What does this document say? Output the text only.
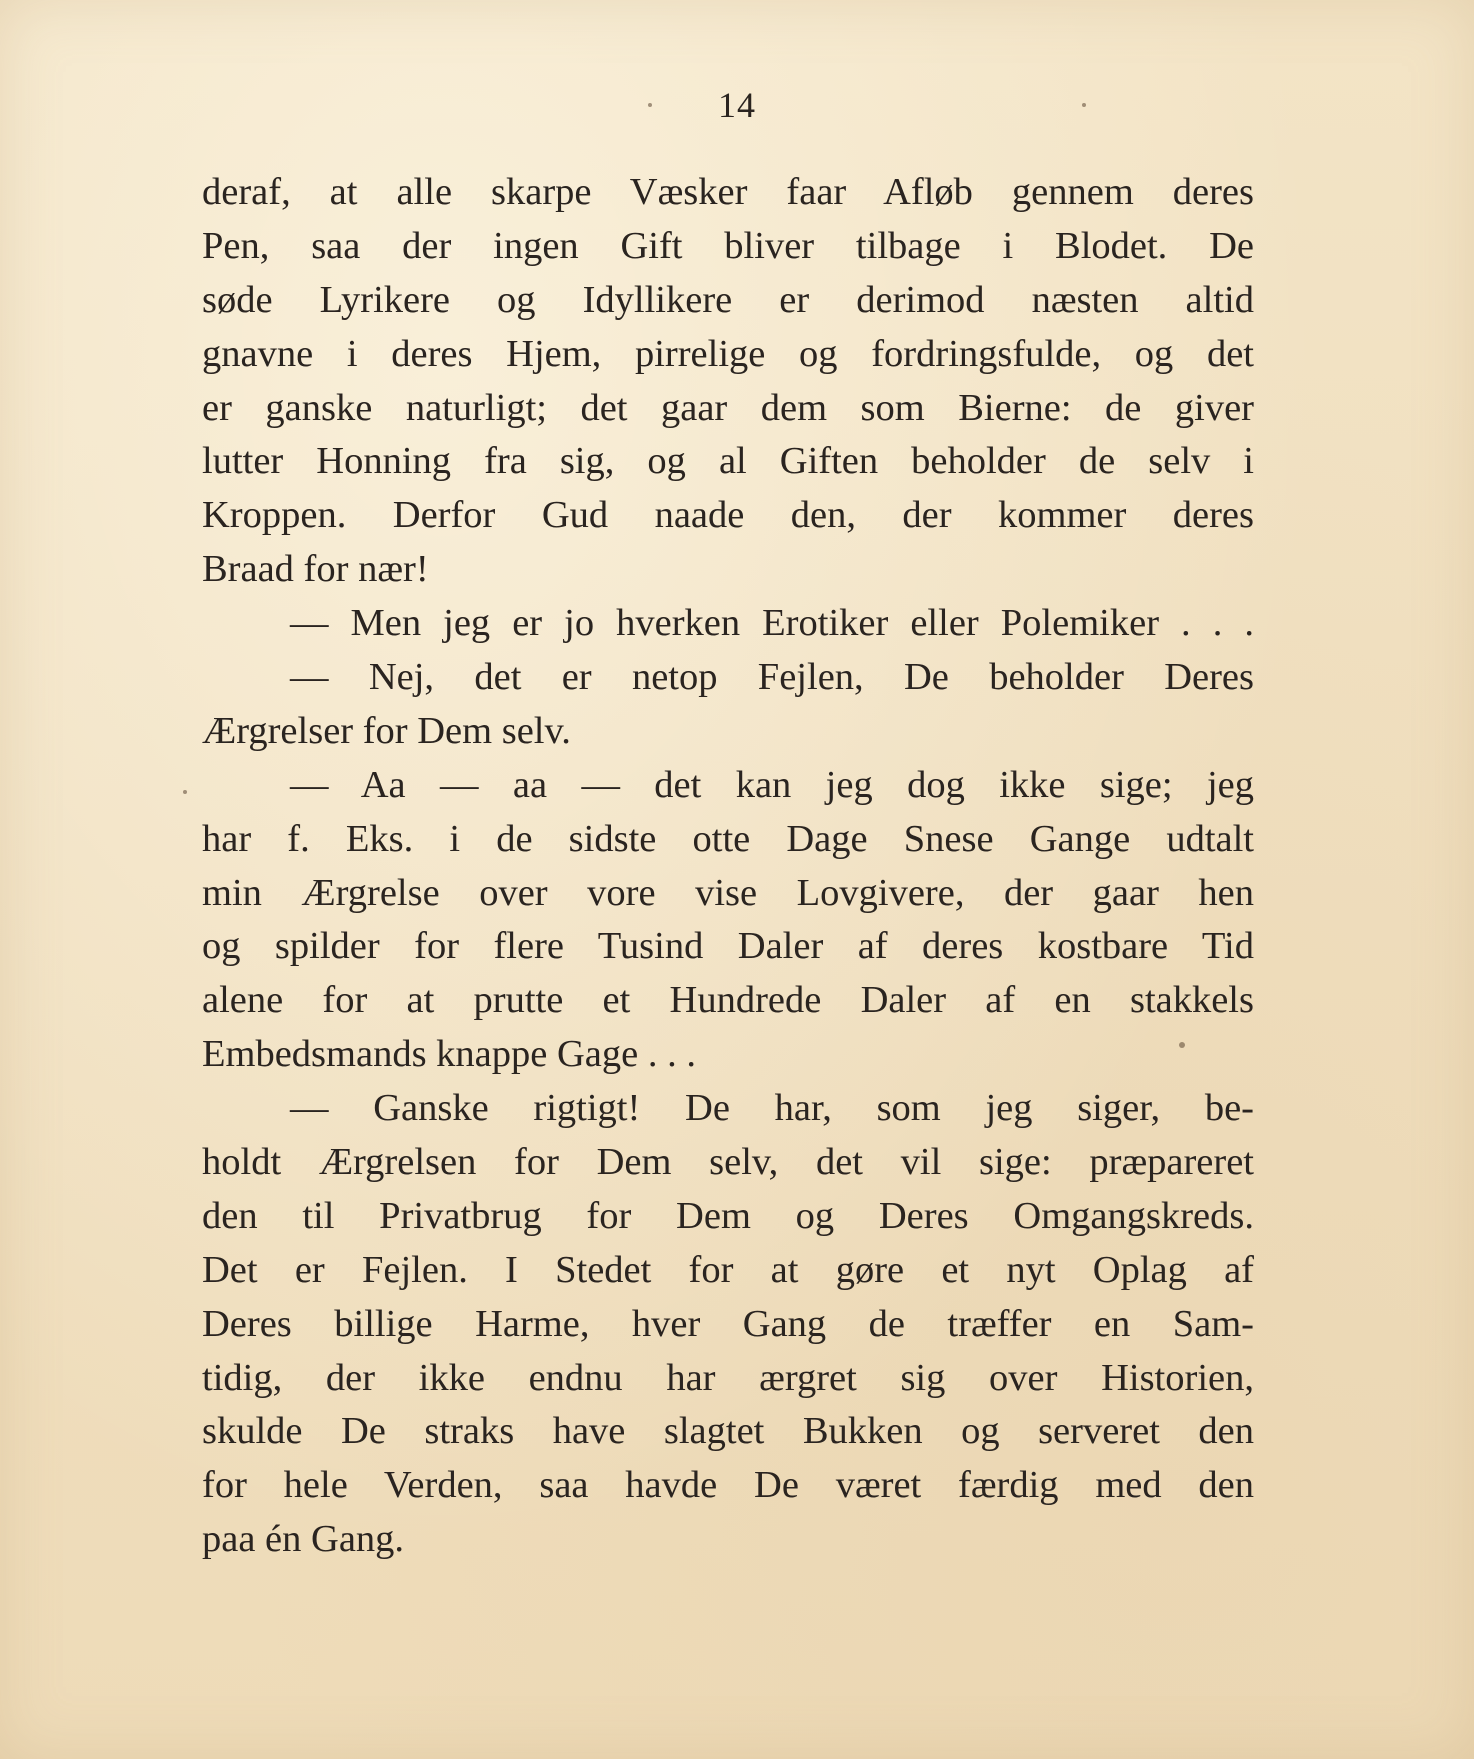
14
deraf, at alle skarpe Væsker faar Afløb gennem deres
Pen, saa der ingen Gift bliver tilbage i Blodet. De
søde Lyrikere og Idyllikere er derimod næsten altid
gnavne i deres Hjem, pirrelige og fordringsfulde, og det
er ganske naturligt; det gaar dem som Bierne: de giver
lutter Honning fra sig, og al Giften beholder de selv i
Kroppen. Derfor Gud naade den, der kommer deres
Braad for nær!
— Men jeg er jo hverken Erotiker eller Polemiker . . .
— Nej, det er netop Fejlen, De beholder Deres
Ærgrelser for Dem selv.
— Aa — aa — det kan jeg dog ikke sige; jeg
har f. Eks. i de sidste otte Dage Snese Gange udtalt
min Ærgrelse over vore vise Lovgivere, der gaar hen
og spilder for flere Tusind Daler af deres kostbare Tid
alene for at prutte et Hundrede Daler af en stakkels
Embedsmands knappe Gage . . .
— Ganske rigtigt! De har, som jeg siger, be-
holdt Ærgrelsen for Dem selv, det vil sige: præpareret
den til Privatbrug for Dem og Deres Omgangskreds.
Det er Fejlen. I Stedet for at gøre et nyt Oplag af
Deres billige Harme, hver Gang de træffer en Sam-
tidig, der ikke endnu har ærgret sig over Historien,
skulde De straks have slagtet Bukken og serveret den
for hele Verden, saa havde De været færdig med den
paa én Gang.
